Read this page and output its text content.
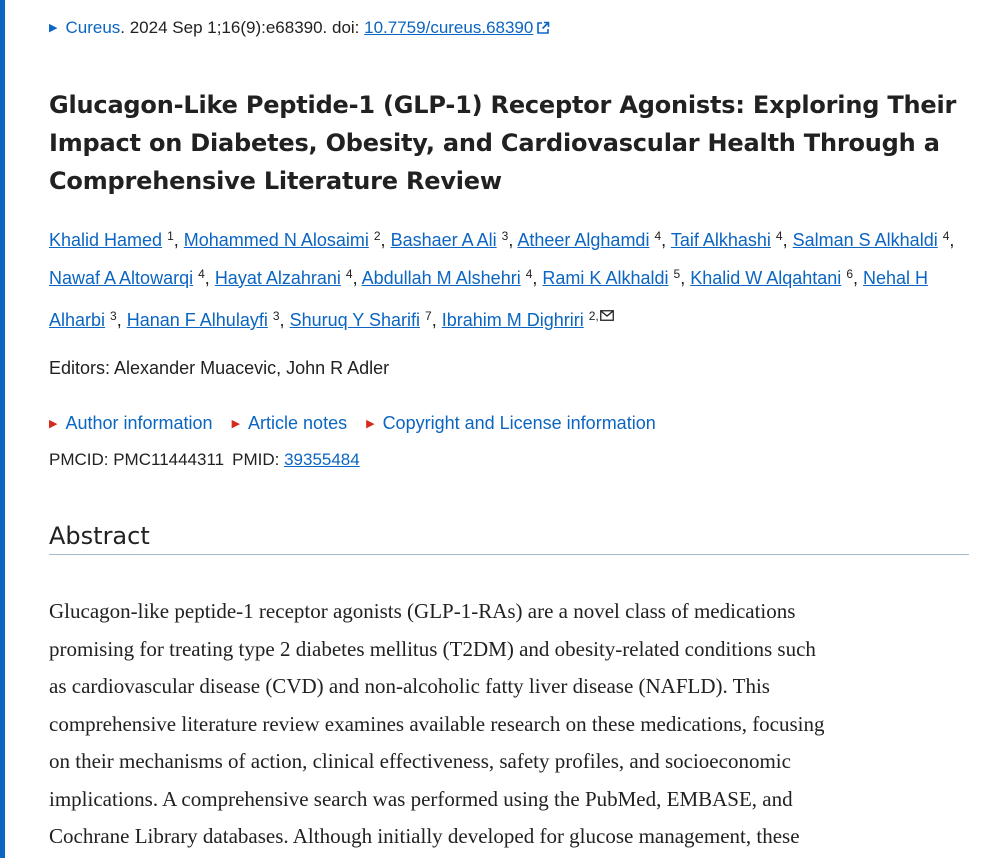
▶ Cureus. 2024 Sep 1;16(9):e68390. doi: 10.7759/cureus.68390
Glucagon-Like Peptide-1 (GLP-1) Receptor Agonists: Exploring Their
Impact on Diabetes, Obesity, and Cardiovascular Health Through a
Comprehensive Literature Review
Khalid Hamed $^1$, Mohammed N Alosaimi $^2$, Bashaer A Ali $^3$, Atheer Alghamdi $^4$, Taif Alkhashi $^4$, Salman S Alkhaldi $^4$,
Nawaf A Altowarqi $^4$, Hayat Alzahrani $^4$, Abdullah M Alshehri $^4$, Rami K Alkhaldi $^5$, Khalid W Alqahtani $^6$, Nehal H
Alharbi $^3$, Hanan F Alhulayfi $^3$, Shuruq Y Sharifi $^7$, Ibrahim M Dighriri $^{2,}$
Editors: Alexander Muacevic, John R Adler
▶ Author information ▶ Article notes ▶ Copyright and License information
PMCID: PMC11444311 PMID: 39355484
Abstract

Glucagon-like peptide-1 receptor agonists (GLP-1-RAs) are a novel class of medications
promising for treating type 2 diabetes mellitus (T2DM) and obesity-related conditions such
as cardiovascular disease (CVD) and non-alcoholic fatty liver disease (NAFLD). This
comprehensive literature review examines available research on these medications, focusing
on their mechanisms of action, clinical effectiveness, safety profiles, and socioeconomic
implications. A comprehensive search was performed using the PubMed, EMBASE, and
Cochrane Library databases. Although initially developed for glucose management, these
